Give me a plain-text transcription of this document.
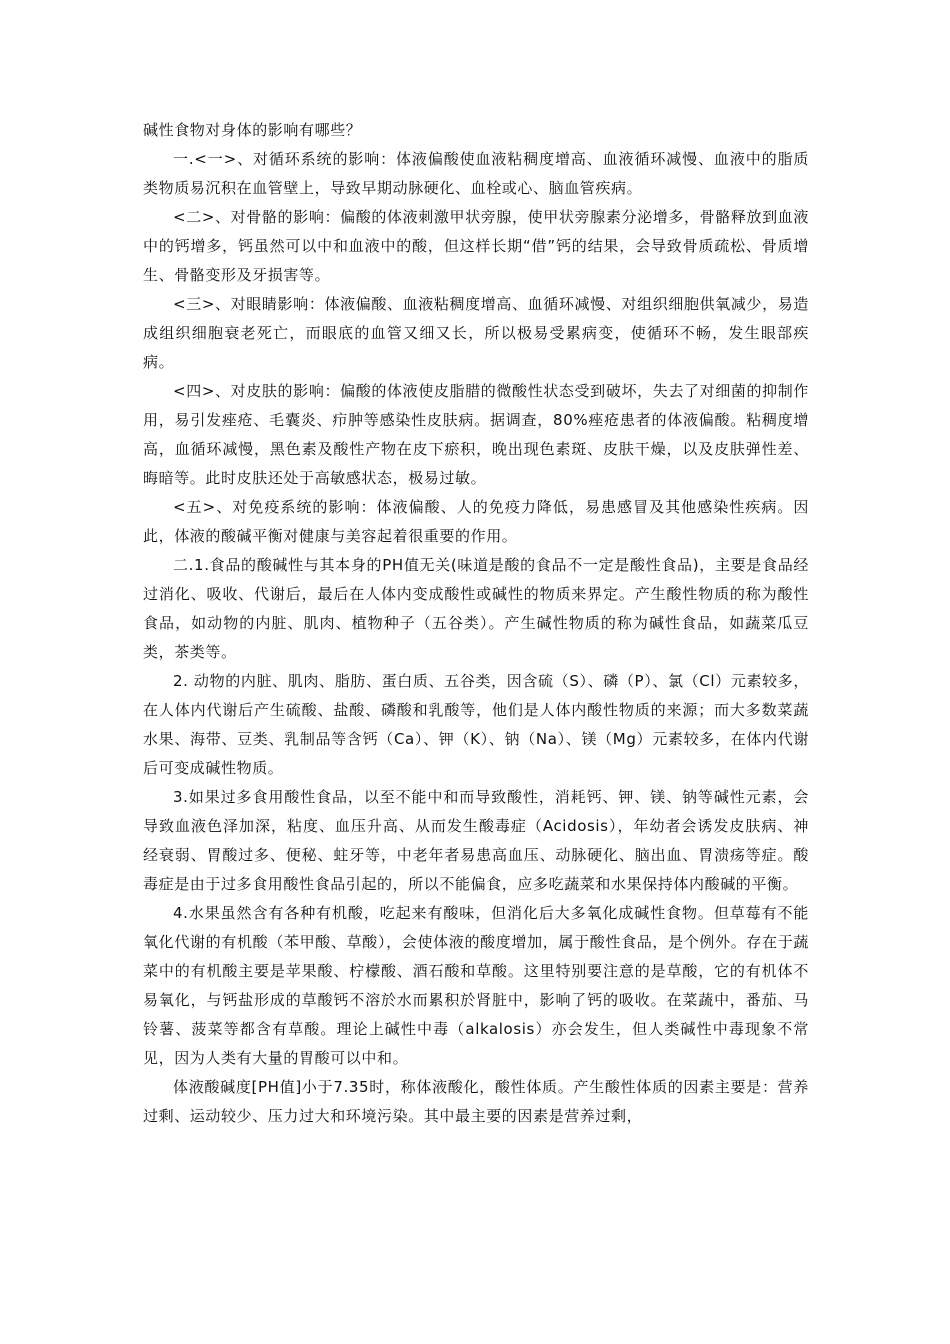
碱性食物对身体的影响有哪些？

一.<一>、对循环系统的影响：体液偏酸使血液粘稠度增高、血液循环减慢、血液中的脂质类物质易沉积在血管壁上，导致早期动脉硬化、血栓或心、脑血管疾病。

<二>、对骨骼的影响：偏酸的体液刺激甲状旁腺，使甲状旁腺素分泌增多，骨骼释放到血液中的钙增多，钙虽然可以中和血液中的酸，但这样长期“借”钙的结果，会导致骨质疏松、骨质增生、骨骼变形及牙损害等。

<三>、对眼睛影响：体液偏酸、血液粘稠度增高、血循环减慢、对组织细胞供氧减少，易造成组织细胞衰老死亡，而眼底的血管又细又长，所以极易受累病变，使循环不畅，发生眼部疾病。

<四>、对皮肤的影响：偏酸的体液使皮脂腊的微酸性状态受到破坏，失去了对细菌的抑制作用，易引发痤疮、毛囊炎、疖肿等感染性皮肤病。据调查，80%痤疮患者的体液偏酸。粘稠度增高，血循环减慢，黑色素及酸性产物在皮下瘀积，晚出现色素斑、皮肤干燥，以及皮肤弹性差、晦暗等。此时皮肤还处于高敏感状态，极易过敏。

<五>、对免疫系统的影响：体液偏酸、人的免疫力降低，易患感冒及其他感染性疾病。因此，体液的酸碱平衡对健康与美容起着很重要的作用。

二.1.食品的酸碱性与其本身的PH值无关(味道是酸的食品不一定是酸性食品)，主要是食品经过消化、吸收、代谢后，最后在人体内变成酸性或碱性的物质来界定。产生酸性物质的称为酸性食品，如动物的内脏、肌肉、植物种子（五谷类）。产生碱性物质的称为碱性食品，如蔬菜瓜豆类，茶类等。

2. 动物的内脏、肌肉、脂肪、蛋白质、五谷类，因含硫（S）、磷（P）、氯（Cl）元素较多，在人体内代谢后产生硫酸、盐酸、磷酸和乳酸等，他们是人体内酸性物质的来源；而大多数菜蔬水果、海带、豆类、乳制品等含钙（Ca）、钾（K）、钠（Na）、镁（Mg）元素较多，在体内代谢后可变成碱性物质。

3.如果过多食用酸性食品，以至不能中和而导致酸性，消耗钙、钾、镁、钠等碱性元素，会导致血液色泽加深，粘度、血压升高、从而发生酸毒症（Acidosis），年幼者会诱发皮肤病、神经衰弱、胃酸过多、便秘、蛀牙等，中老年者易患高血压、动脉硬化、脑出血、胃溃疡等症。酸毒症是由于过多食用酸性食品引起的，所以不能偏食，应多吃蔬菜和水果保持体内酸碱的平衡。

4.水果虽然含有各种有机酸，吃起来有酸味，但消化后大多氧化成碱性食物。但草莓有不能氧化代谢的有机酸（苯甲酸、草酸），会使体液的酸度增加，属于酸性食品，是个例外。存在于蔬菜中的有机酸主要是苹果酸、柠檬酸、酒石酸和草酸。这里特别要注意的是草酸，它的有机体不易氧化，与钙盐形成的草酸钙不溶於水而累积於肾脏中，影响了钙的吸收。在菜蔬中，番茄、马铃薯、菠菜等都含有草酸。理论上碱性中毒（alkalosis）亦会发生，但人类碱性中毒现象不常见，因为人类有大量的胃酸可以中和。

体液酸碱度[PH值]小于7.35时，称体液酸化，酸性体质。产生酸性体质的因素主要是：营养过剩、运动较少、压力过大和环境污染。其中最主要的因素是营养过剩，
